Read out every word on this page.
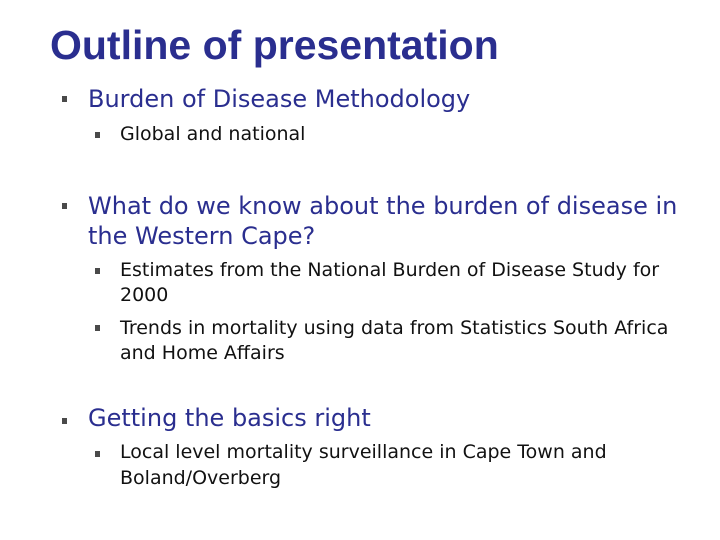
Outline of presentation
Burden of Disease Methodology
Global and national
What do we know about the burden of disease in
the Western Cape?
Estimates from the National Burden of Disease Study for
2000
Trends in mortality using data from Statistics South Africa
and Home Affairs
Getting the basics right
Local level mortality surveillance in Cape Town and
Boland/Overberg
